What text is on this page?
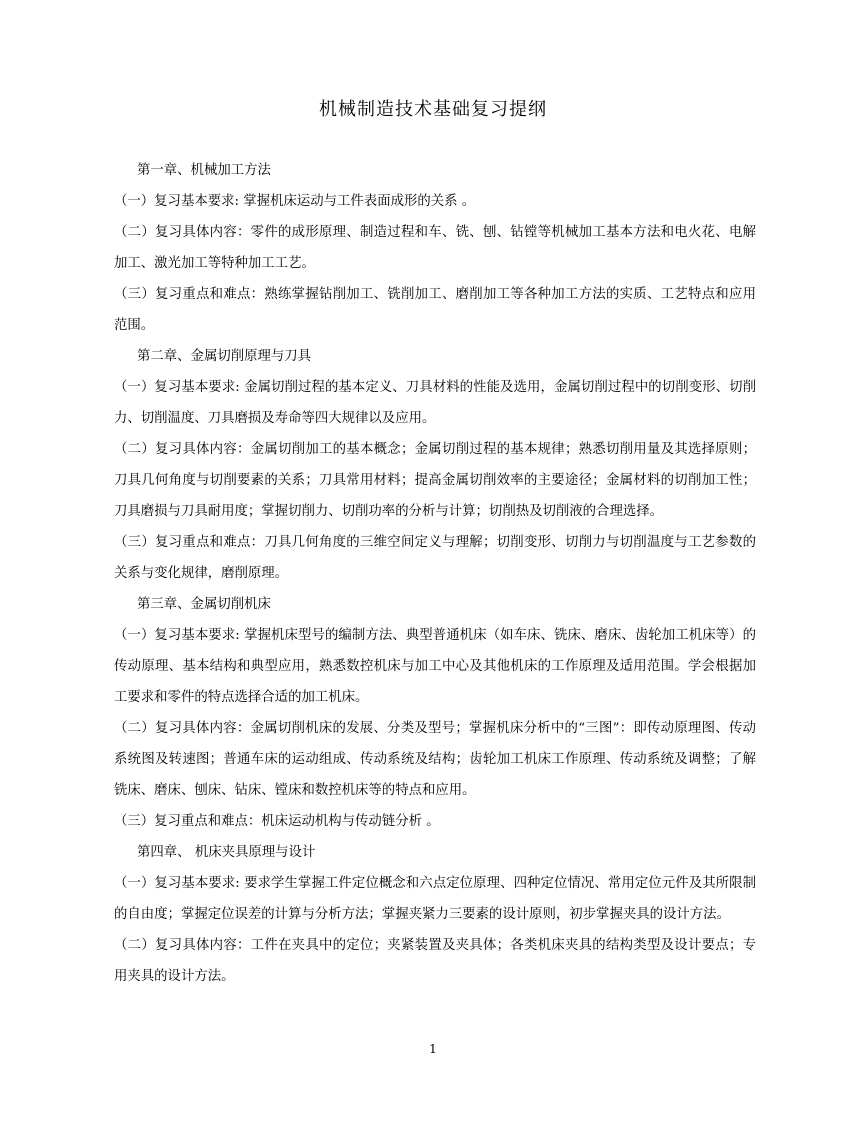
机械制造技术基础复习提纲

第一章、机械加工方法

（一）复习基本要求: 掌握机床运动与工件表面成形的关系 。

（二）复习具体内容：零件的成形原理、制造过程和车、铣、刨、钻镗等机械加工基本方法和电火花、电解加工、激光加工等特种加工工艺。

（三）复习重点和难点：熟练掌握钻削加工、铣削加工、磨削加工等各种加工方法的实质、工艺特点和应用范围。

第二章、金属切削原理与刀具

（一）复习基本要求: 金属切削过程的基本定义、刀具材料的性能及选用，金属切削过程中的切削变形、切削力、切削温度、刀具磨损及寿命等四大规律以及应用。

（二）复习具体内容：金属切削加工的基本概念；金属切削过程的基本规律；熟悉切削用量及其选择原则；刀具几何角度与切削要素的关系；刀具常用材料；提高金属切削效率的主要途径；金属材料的切削加工性；刀具磨损与刀具耐用度；掌握切削力、切削功率的分析与计算；切削热及切削液的合理选择。

（三）复习重点和难点：刀具几何角度的三维空间定义与理解；切削变形、切削力与切削温度与工艺参数的关系与变化规律，磨削原理。

第三章、金属切削机床

（一）复习基本要求: 掌握机床型号的编制方法、典型普通机床（如车床、铣床、磨床、齿轮加工机床等）的传动原理、基本结构和典型应用，熟悉数控机床与加工中心及其他机床的工作原理及适用范围。学会根据加工要求和零件的特点选择合适的加工机床。

（二）复习具体内容：金属切削机床的发展、分类及型号；掌握机床分析中的“三图”：即传动原理图、传动系统图及转速图；普通车床的运动组成、传动系统及结构；齿轮加工机床工作原理、传动系统及调整；了解铣床、磨床、刨床、钻床、镗床和数控机床等的特点和应用。

（三）复习重点和难点：机床运动机构与传动链分析 。

第四章、 机床夹具原理与设计

（一）复习基本要求: 要求学生掌握工件定位概念和六点定位原理、四种定位情况、常用定位元件及其所限制的自由度；掌握定位误差的计算与分析方法；掌握夹紧力三要素的设计原则，初步掌握夹具的设计方法。

（二）复习具体内容：工件在夹具中的定位；夹紧装置及夹具体；各类机床夹具的结构类型及设计要点；专用夹具的设计方法。

1
